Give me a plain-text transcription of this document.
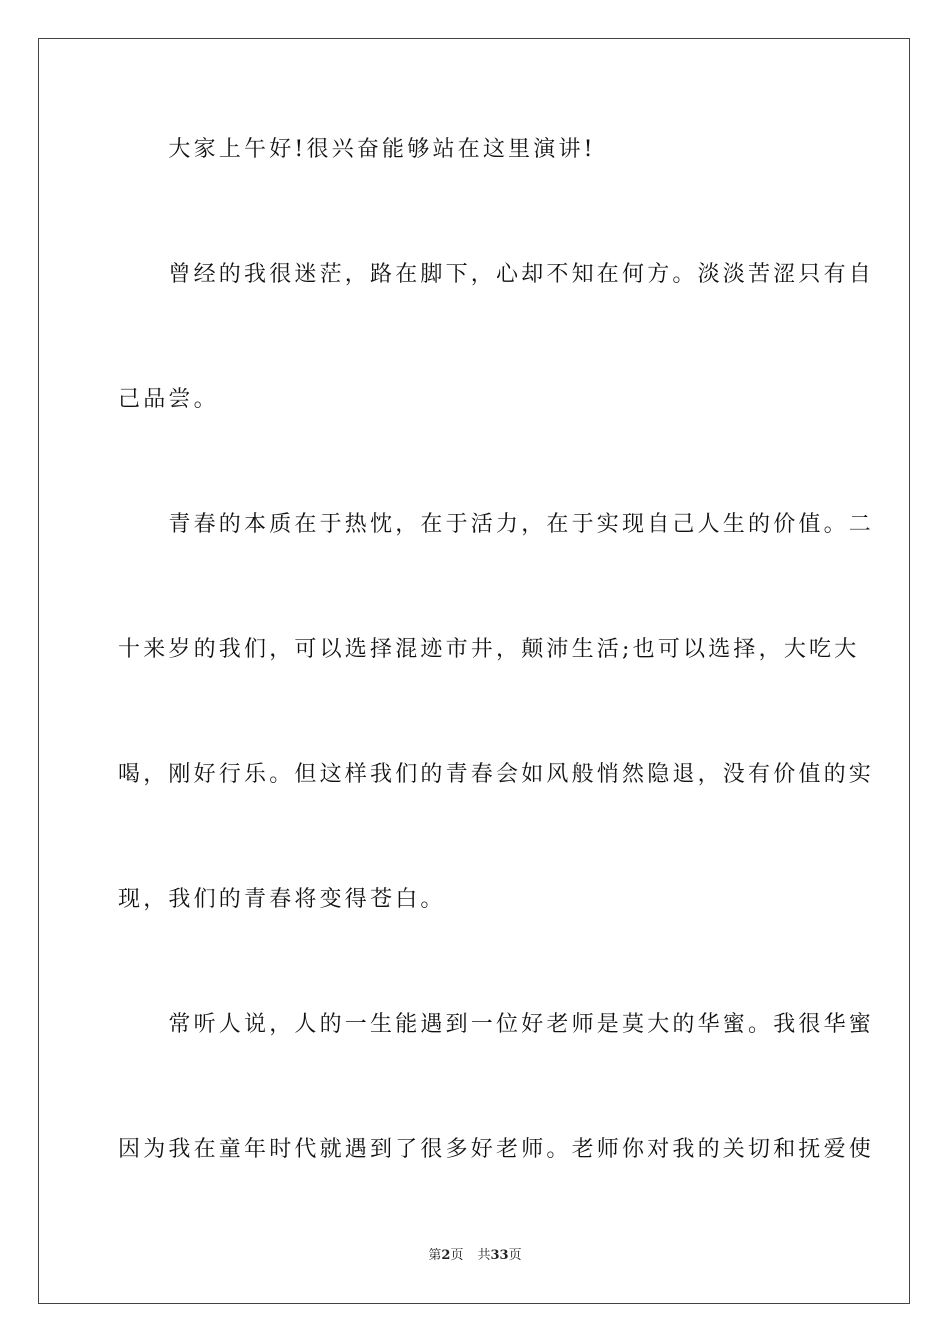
　　大家上午好!很兴奋能够站在这里演讲!
　　曾经的我很迷茫，路在脚下，心却不知在何方。淡淡苦涩只有自
己品尝。
　　青春的本质在于热忱，在于活力，在于实现自己人生的价值。二
十来岁的我们，可以选择混迹市井，颠沛生活;也可以选择，大吃大
喝，刚好行乐。但这样我们的青春会如风般悄然隐退，没有价值的实
现，我们的青春将变得苍白。
　　常听人说，人的一生能遇到一位好老师是莫大的华蜜。我很华蜜
因为我在童年时代就遇到了很多好老师。老师你对我的关切和抚爱使
第2页 共33页
